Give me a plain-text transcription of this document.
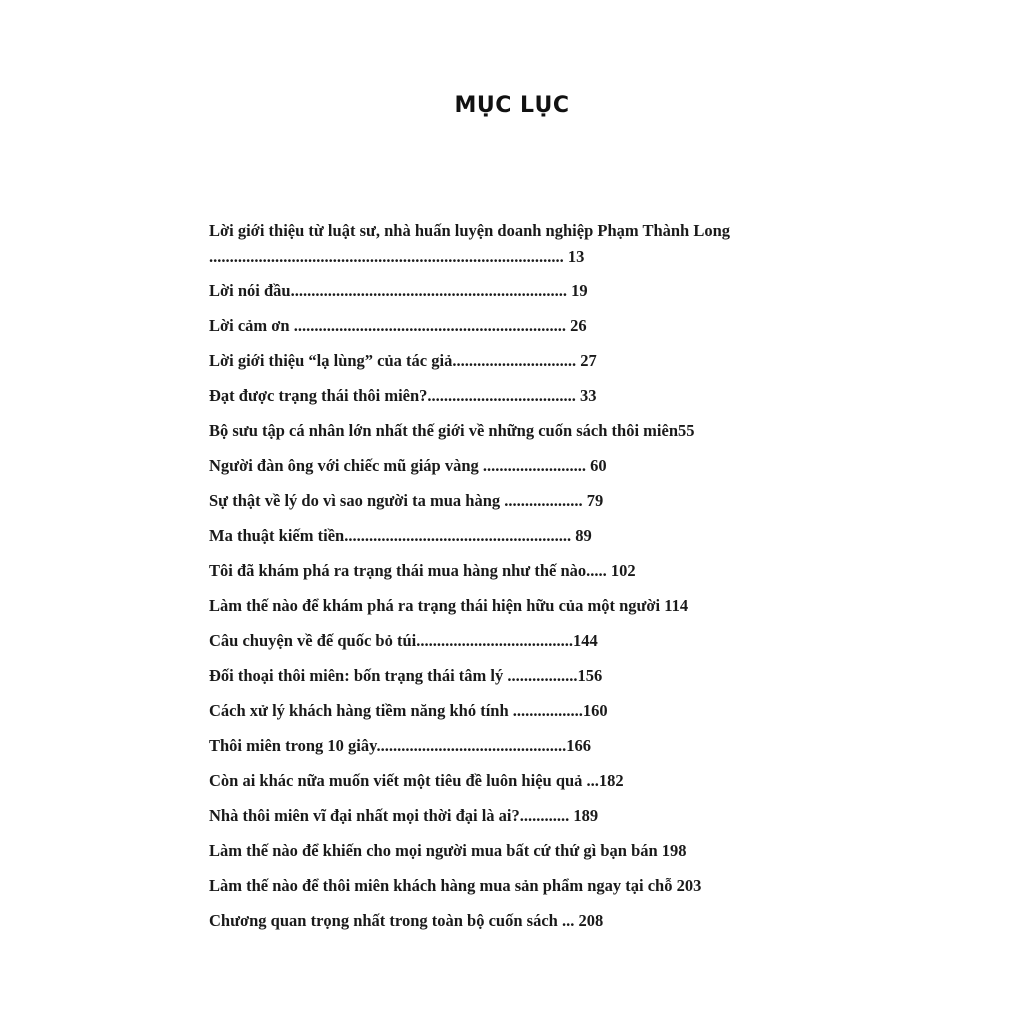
MỤC LỤC
Lời giới thiệu từ luật sư, nhà huấn luyện doanh nghiệp Phạm Thành Long
...................................................................................... 13
Lời nói đầu................................................................... 19
Lời cảm ơn .................................................................. 26
Lời giới thiệu “lạ lùng” của tác giả.............................. 27
Đạt được trạng thái thôi miên?.................................... 33
Bộ sưu tập cá nhân lớn nhất thế giới về những cuốn sách thôi miên55
Người đàn ông với chiếc mũ giáp vàng ......................... 60
Sự thật về lý do vì sao người ta mua hàng ................... 79
Ma thuật kiếm tiền....................................................... 89
Tôi đã khám phá ra trạng thái mua hàng như thế nào..... 102
Làm thế nào để khám phá ra trạng thái hiện hữu của một người 114
Câu chuyện về đế quốc bỏ túi......................................144
Đối thoại thôi miên: bốn trạng thái tâm lý .................156
Cách xử lý khách hàng tiềm năng khó tính .................160
Thôi miên trong 10 giây..............................................166
Còn ai khác nữa muốn viết một tiêu đề luôn hiệu quả ...182
Nhà thôi miên vĩ đại nhất mọi thời đại là ai?............ 189
Làm thế nào để khiến cho mọi người mua bất cứ thứ gì bạn bán 198
Làm thế nào để thôi miên khách hàng mua sản phẩm ngay tại chỗ 203
Chương quan trọng nhất trong toàn bộ cuốn sách ... 208
